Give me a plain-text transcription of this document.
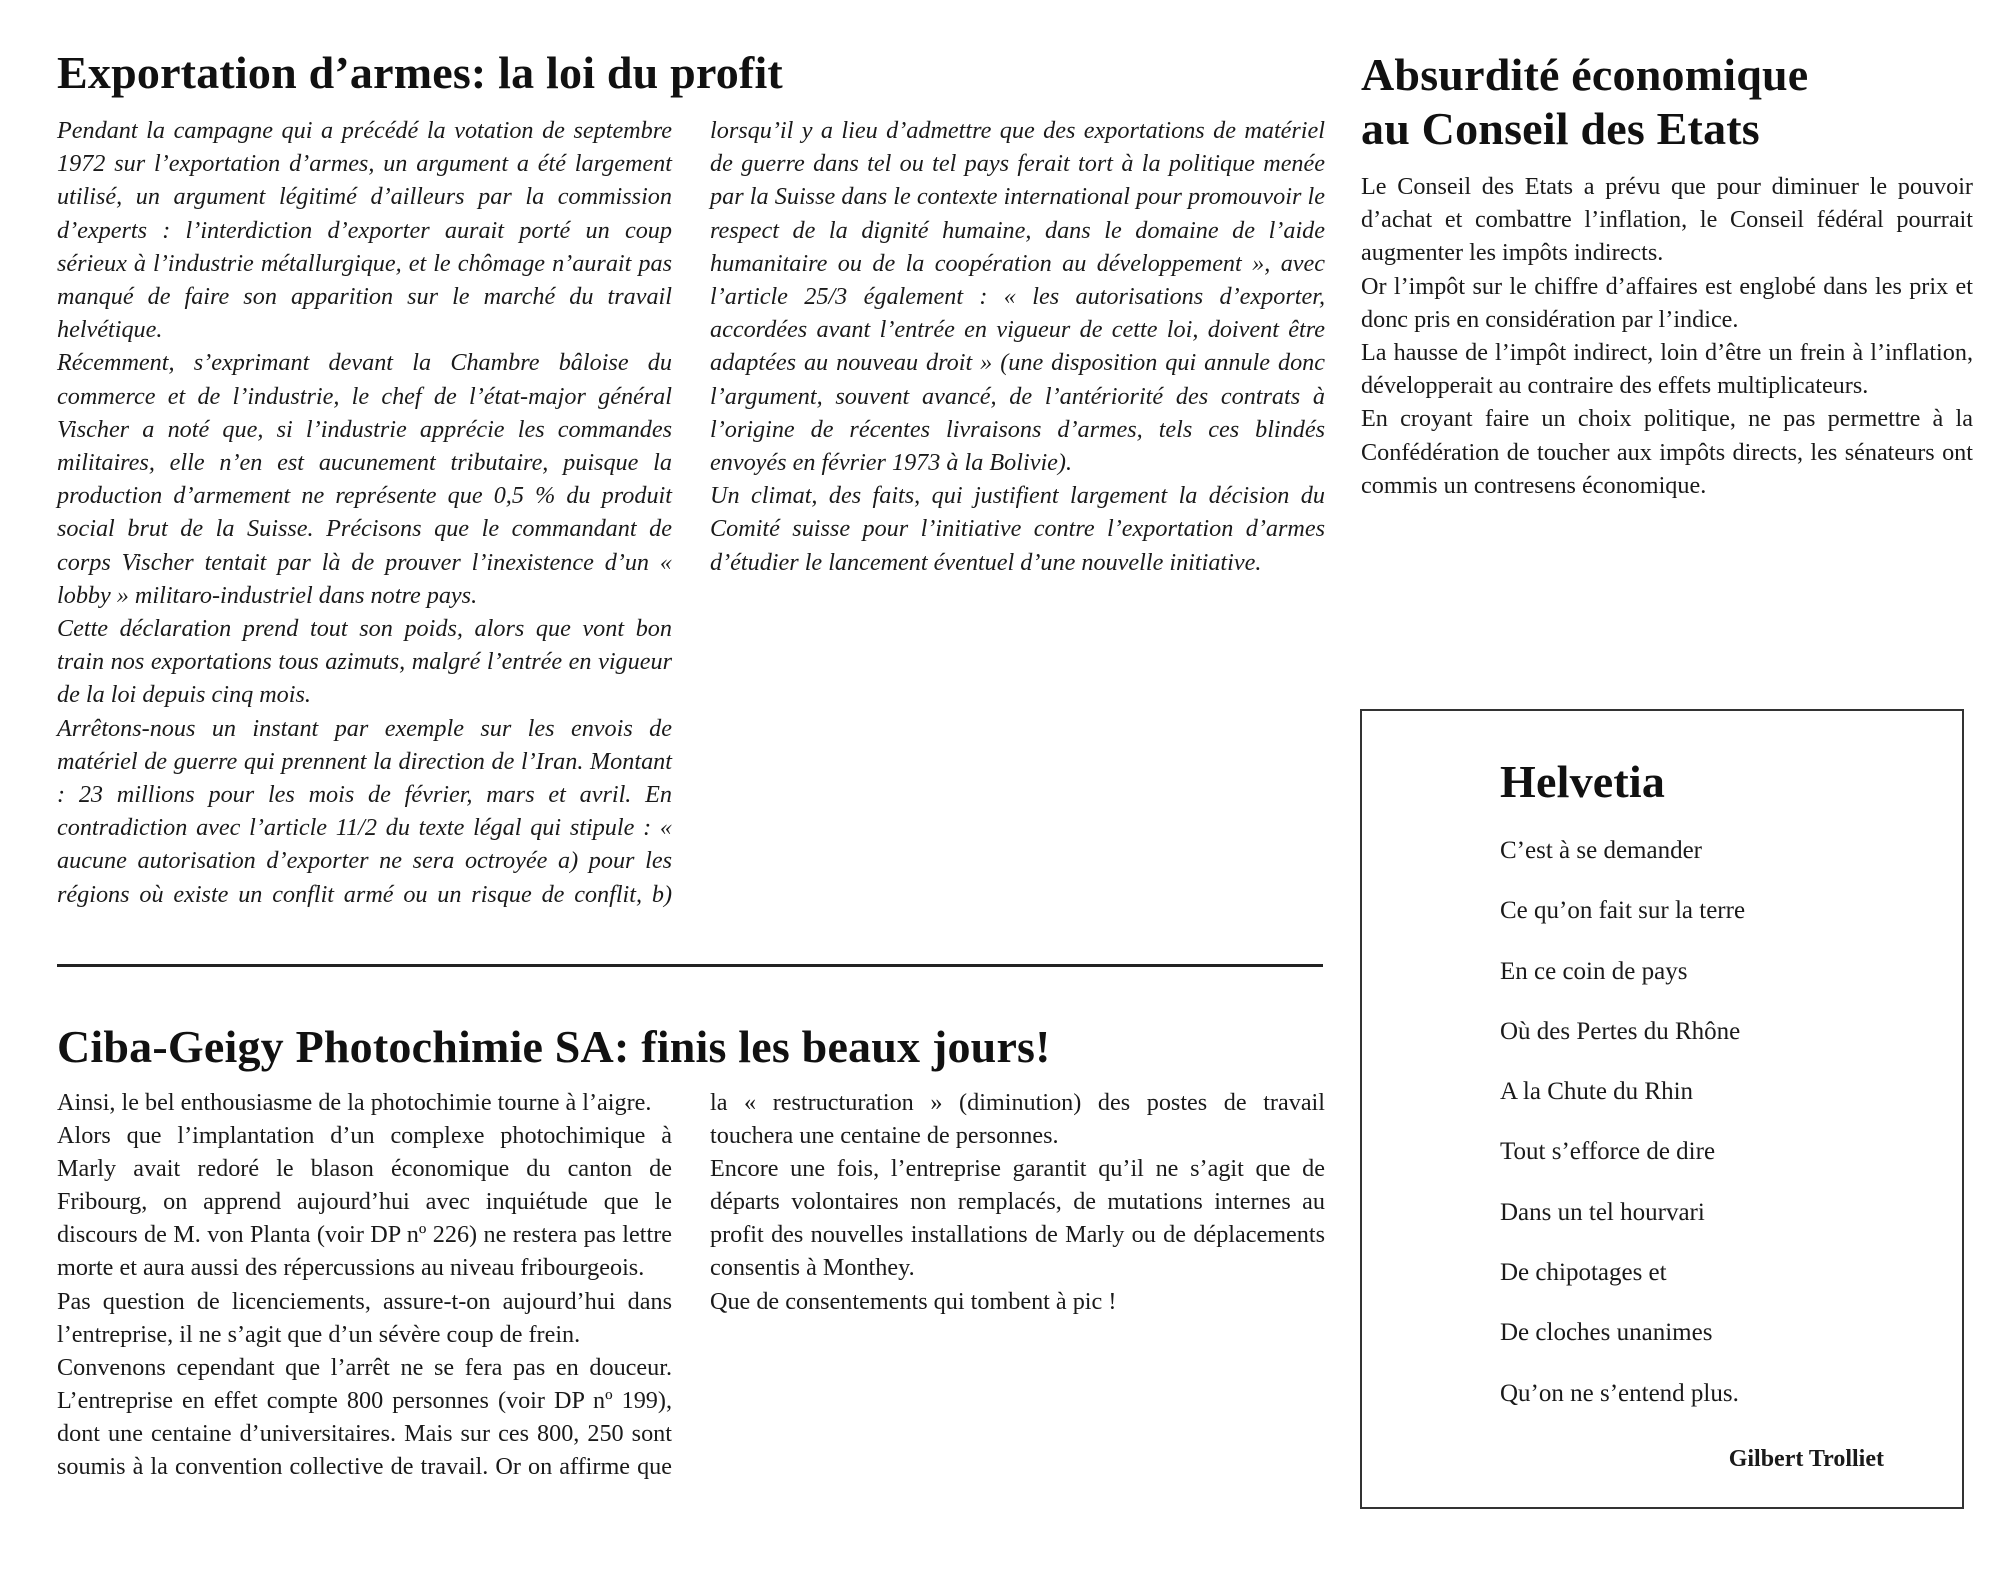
Exportation d’armes: la loi du profit

Pendant la campagne qui a précédé la votation de septembre 1972 sur l’exportation d’armes, un argument a été largement utilisé, un argument légitimé d’ailleurs par la commission d’experts : l’interdiction d’exporter aurait porté un coup sérieux à l’industrie métallurgique, et le chômage n’aurait pas manqué de faire son apparition sur le marché du travail helvétique.

Récemment, s’exprimant devant la Chambre bâloise du commerce et de l’industrie, le chef de l’état-major général Vischer a noté que, si l’industrie apprécie les commandes militaires, elle n’en est aucunement tributaire, puisque la production d’armement ne représente que 0,5 % du produit social brut de la Suisse. Précisons que le commandant de corps Vischer tentait par là de prouver l’inexistence d’un « lobby » militaro-industriel dans notre pays.

Cette déclaration prend tout son poids, alors que vont bon train nos exportations tous azimuts, malgré l’entrée en vigueur de la loi depuis cinq mois.

Arrêtons-nous un instant par exemple sur les envois de matériel de guerre qui prennent la direction de l’Iran. Montant : 23 millions pour les mois de février, mars et avril. En contradiction avec l’article 11/2 du texte légal qui stipule : « aucune autorisation d’exporter ne sera octroyée a) pour les régions où existe un conflit armé ou un risque de conflit, b) lorsqu’il y a lieu d’admettre que des exportations de matériel de guerre dans tel ou tel pays ferait tort à la politique menée par la Suisse dans le contexte international pour promouvoir le respect de la dignité humaine, dans le domaine de l’aide humanitaire ou de la coopération au développement », avec l’article 25/3 également : « les autorisations d’exporter, accordées avant l’entrée en vigueur de cette loi, doivent être adaptées au nouveau droit » (une disposition qui annule donc l’argument, souvent avancé, de l’antériorité des contrats à l’origine de récentes livraisons d’armes, tels ces blindés envoyés en février 1973 à la Bolivie).

Un climat, des faits, qui justifient largement la décision du Comité suisse pour l’initiative contre l’exportation d’armes d’étudier le lancement éventuel d’une nouvelle initiative.

Ciba-Geigy Photochimie SA: finis les beaux jours!

Ainsi, le bel enthousiasme de la photochimie tourne à l’aigre.

Alors que l’implantation d’un complexe photochimique à Marly avait redoré le blason économique du canton de Fribourg, on apprend aujourd’hui avec inquiétude que le discours de M. von Planta (voir DP nº 226) ne restera pas lettre morte et aura aussi des répercussions au niveau fribourgeois.

Pas question de licenciements, assure-t-on aujourd’hui dans l’entreprise, il ne s’agit que d’un sévère coup de frein.

Convenons cependant que l’arrêt ne se fera pas en douceur. L’entreprise en effet compte 800 personnes (voir DP nº 199), dont une centaine d’universitaires. Mais sur ces 800, 250 sont soumis à la convention collective de travail. Or on affirme que la « restructuration » (diminution) des postes de travail touchera une centaine de personnes.

Encore une fois, l’entreprise garantit qu’il ne s’agit que de départs volontaires non remplacés, de mutations internes au profit des nouvelles installations de Marly ou de déplacements consentis à Monthey.

Que de consentements qui tombent à pic !

Absurdité économique
au Conseil des Etats

Le Conseil des Etats a prévu que pour diminuer le pouvoir d’achat et combattre l’inflation, le Conseil fédéral pourrait augmenter les impôts indirects.

Or l’impôt sur le chiffre d’affaires est englobé dans les prix et donc pris en considération par l’indice.

La hausse de l’impôt indirect, loin d’être un frein à l’inflation, développerait au contraire des effets multiplicateurs.

En croyant faire un choix politique, ne pas permettre à la Confédération de toucher aux impôts directs, les sénateurs ont commis un contresens économique.

Helvetia
C’est à se demander
Ce qu’on fait sur la terre
En ce coin de pays
Où des Pertes du Rhône
A la Chute du Rhin
Tout s’efforce de dire
Dans un tel hourvari
De chipotages et
De cloches unanimes
Qu’on ne s’entend plus.
Gilbert Trolliet
